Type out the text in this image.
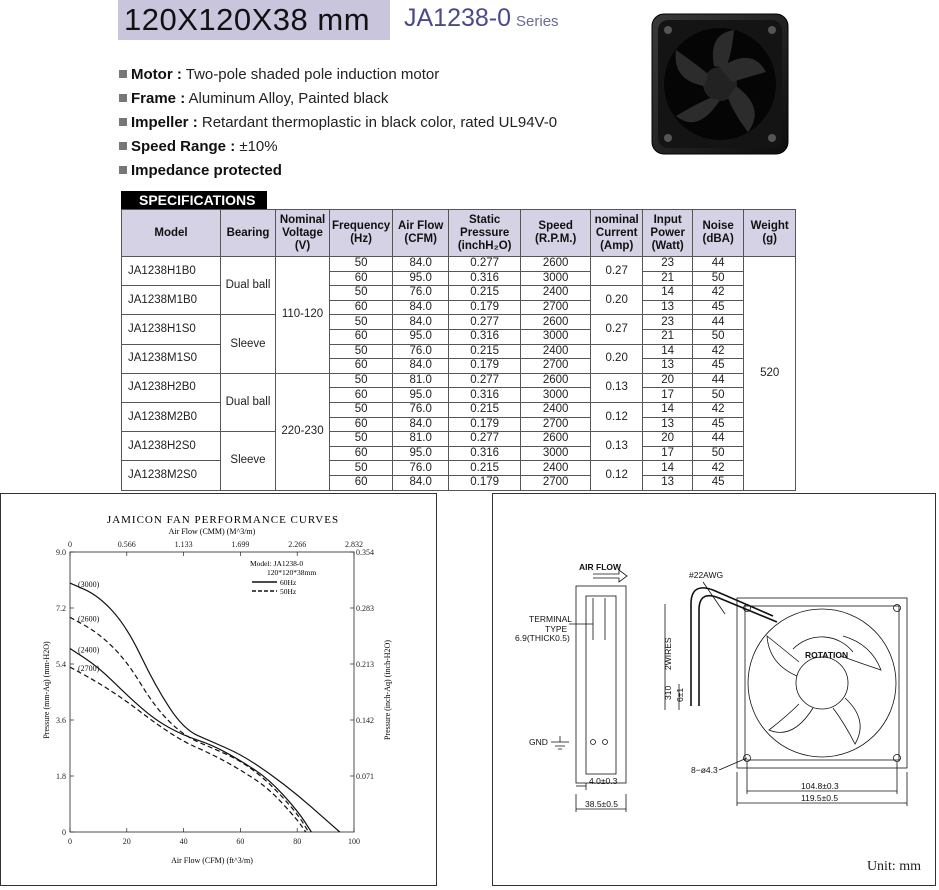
120X120X38 mm JA1238-0 Series
Motor : Two-pole shaded pole induction motor
Frame : Aluminum Alloy, Painted black
Impeller : Retardant thermoplastic in black color, rated UL94V-0
Speed Range : ±10%
Impedance protected
SPECIFICATIONS
Model	Bearing	Nominal Voltage (V)	Frequency (Hz)	Air Flow (CFM)	Static Pressure (inchH₂O)	Speed (R.P.M.)	nominal Current (Amp)	Input Power (Watt)	Noise (dBA)	Weight (g)
JA1238H1B0	Dual ball	110-120	50	84.0	0.277	2600	0.27	23	44	520
			60	95.0	0.316	3000		21	50	
JA1238M1B0			50	76.0	0.215	2400	0.20	14	42	
			60	84.0	0.179	2700		13	45	
JA1238H1S0	Sleeve		50	84.0	0.277	2600	0.27	23	44	
			60	95.0	0.316	3000		21	50	
JA1238M1S0			50	76.0	0.215	2400	0.20	14	42	
			60	84.0	0.179	2700		13	45	
JA1238H2B0	Dual ball	220-230	50	81.0	0.277	2600	0.13	20	44	
			60	95.0	0.316	3000		17	50	
JA1238M2B0			50	76.0	0.215	2400	0.12	14	42	
			60	84.0	0.179	2700		13	45	
JA1238H2S0	Sleeve		50	81.0	0.277	2600	0.13	20	44	
			60	95.0	0.316	3000		17	50	
JA1238M2S0			50	76.0	0.215	2400	0.12	14	42	
			60	84.0	0.179	2700		13	45	
JAMICON FAN PERFORMANCE CURVES
Air Flow (CMM) (M^3/m)
Air Flow (CFM) (ft^3/m)
Pressure (mm-Aq) (mm-H2O)	Pressure (inch-Aq) (inch-H2O)
0	20	40	60	80	100
0	0.566	1.133	1.699	2.266	2.832
0
1.8
3.6
5.4
7.2
9.0
0.071
0.142
0.213
0.283
0.354
(3000)
(2600)
(2400)
(2700)
Model: JA1238-0
120*120*38mm
60Hz
50Hz
AIR FLOW
TERMINAL
TYPE
6.9(THICK0.5)
GND
4.0±0.3
38.5±0.5
#22AWG
2WIRES
310 6±1
ROTATION
8−ø4.3
104.8±0.3
119.5±0.5
Unit: mm
